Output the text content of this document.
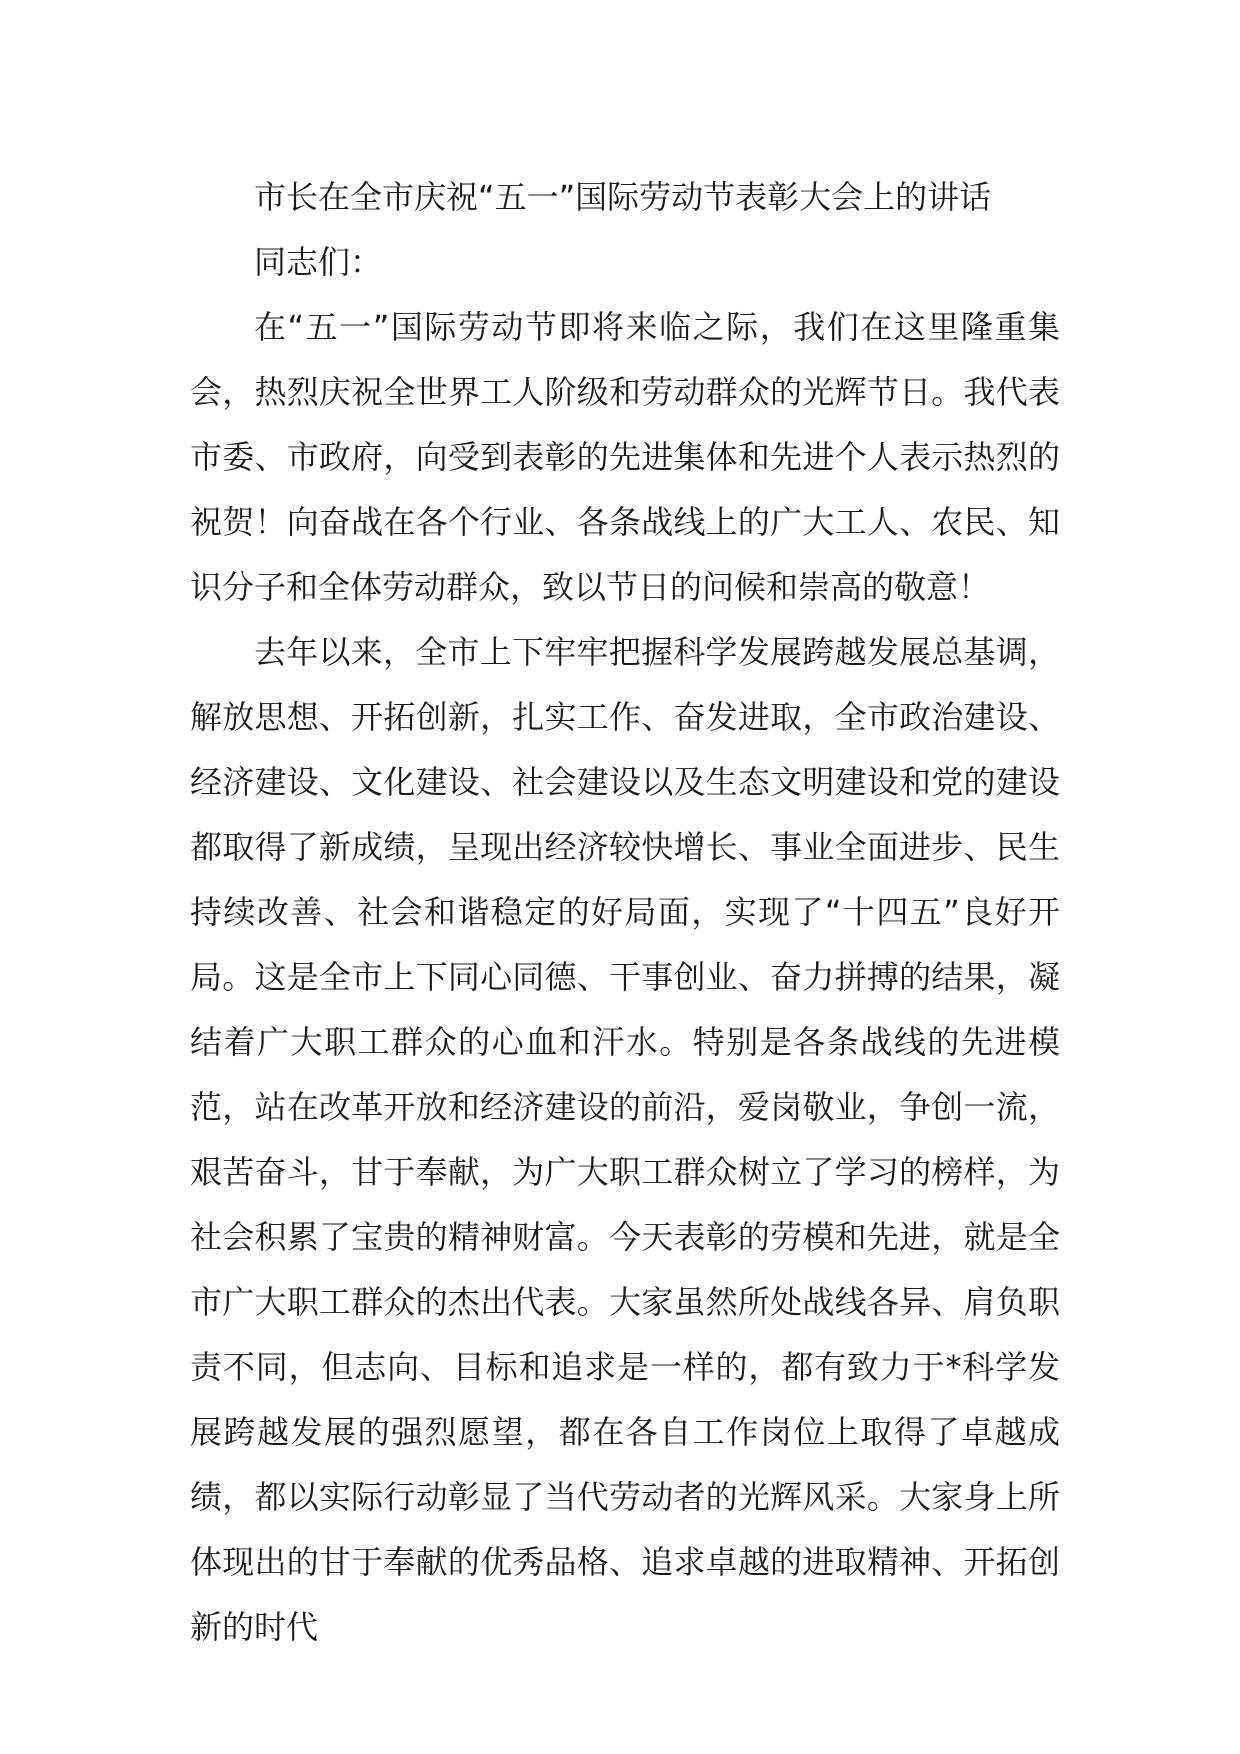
市长在全市庆祝“五一”国际劳动节表彰大会上的讲话

同志们：

在“五一”国际劳动节即将来临之际，我们在这里隆重集会，热烈庆祝全世界工人阶级和劳动群众的光辉节日。我代表市委、市政府，向受到表彰的先进集体和先进个人表示热烈的祝贺！向奋战在各个行业、各条战线上的广大工人、农民、知识分子和全体劳动群众，致以节日的问候和崇高的敬意！

去年以来，全市上下牢牢把握科学发展跨越发展总基调，解放思想、开拓创新，扎实工作、奋发进取，全市政治建设、经济建设、文化建设、社会建设以及生态文明建设和党的建设都取得了新成绩，呈现出经济较快增长、事业全面进步、民生持续改善、社会和谐稳定的好局面，实现了“十四五”良好开局。这是全市上下同心同德、干事创业、奋力拼搏的结果，凝结着广大职工群众的心血和汗水。特别是各条战线的先进模范，站在改革开放和经济建设的前沿，爱岗敬业，争创一流，艰苦奋斗，甘于奉献，为广大职工群众树立了学习的榜样，为社会积累了宝贵的精神财富。今天表彰的劳模和先进，就是全市广大职工群众的杰出代表。大家虽然所处战线各异、肩负职责不同，但志向、目标和追求是一样的，都有致力于*科学发展跨越发展的强烈愿望，都在各自工作岗位上取得了卓越成绩，都以实际行动彰显了当代劳动者的光辉风采。大家身上所体现出的甘于奉献的优秀品格、追求卓越的进取精神、开拓创新的时代
